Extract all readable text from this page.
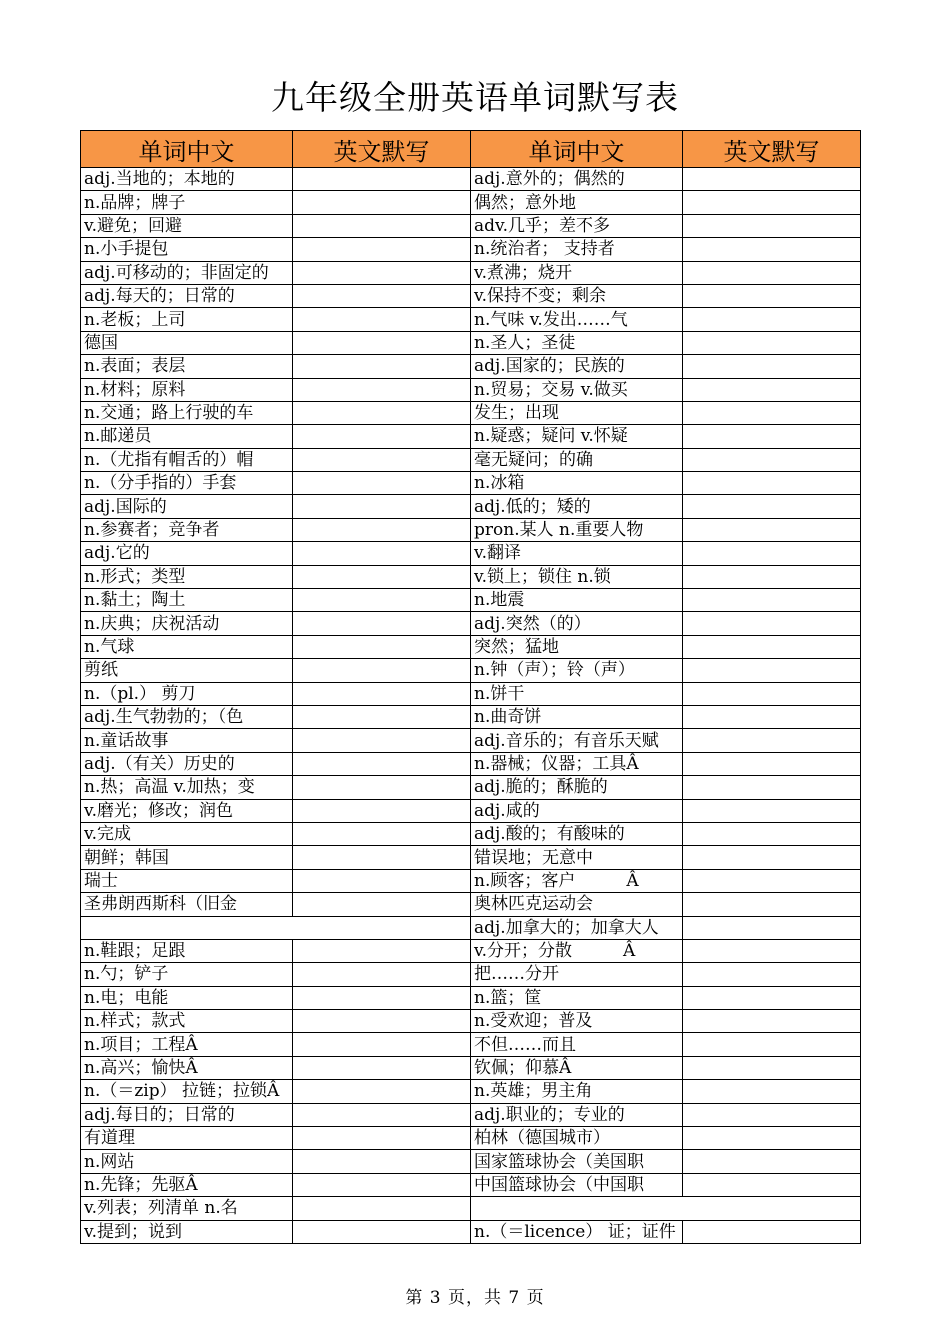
九年级全册英语单词默写表
单词中文	英文默写	单词中文	英文默写
adj.当地的；本地的		adj.意外的；偶然的	
n.品牌；牌子		偶然；意外地	
v.避免；回避		adv.几乎；差不多	
n.小手提包		n.统治者； 支持者	
adj.可移动的；非固定的		v.煮沸；烧开	
adj.每天的；日常的		v.保持不变；剩余	
n.老板；上司		n.气味 v.发出……气	
德国		n.圣人；圣徒	
n.表面；表层		adj.国家的；民族的	
n.材料；原料		n.贸易；交易 v.做买	
n.交通；路上行驶的车		发生；出现	
n.邮递员		n.疑惑；疑问 v.怀疑	
n.（尤指有帽舌的）帽		毫无疑问；的确	
n.（分手指的）手套		n.冰箱	
adj.国际的		adj.低的；矮的	
n.参赛者；竞争者		pron.某人 n.重要人物	
adj.它的		v.翻译	
n.形式；类型		v.锁上；锁住 n.锁	
n.黏土；陶土		n.地震	
n.庆典；庆祝活动		adj.突然（的）	
n.气球		突然；猛地	
剪纸		n.钟（声）；铃（声）	
n.（pl.） 剪刀		n.饼干	
adj.生气勃勃的；（色		n.曲奇饼	
n.童话故事		adj.音乐的；有音乐天赋	
adj.（有关）历史的		n.器械；仪器；工具Â	
n.热；高温 v.加热；变		adj.脆的；酥脆的	
v.磨光；修改；润色		adj.咸的	
v.完成		adj.酸的；有酸味的	
朝鲜；韩国		错误地；无意中	
瑞士		n.顾客；客户　　　Â	
圣弗朗西斯科（旧金		奥林匹克运动会	
		adj.加拿大的；加拿大人	
n.鞋跟；足跟		v.分开；分散　　　Â	
n.勺；铲子		把……分开	
n.电；电能		n.篮；筐	
n.样式；款式		n.受欢迎；普及	
n.项目；工程Â		不但……而且	
n.高兴；愉快Â		钦佩；仰慕Â	
n.（＝zip） 拉链；拉锁Â		n.英雄；男主角	
adj.每日的；日常的		adj.职业的；专业的	
有道理		柏林（德国城市）	
n.网站		国家篮球协会（美国职	
n.先锋；先驱Â		中国篮球协会（中国职	
v.列表；列清单 n.名			
v.提到；说到		n.（＝licence） 证；证件	
第 3 页，共 7 页
